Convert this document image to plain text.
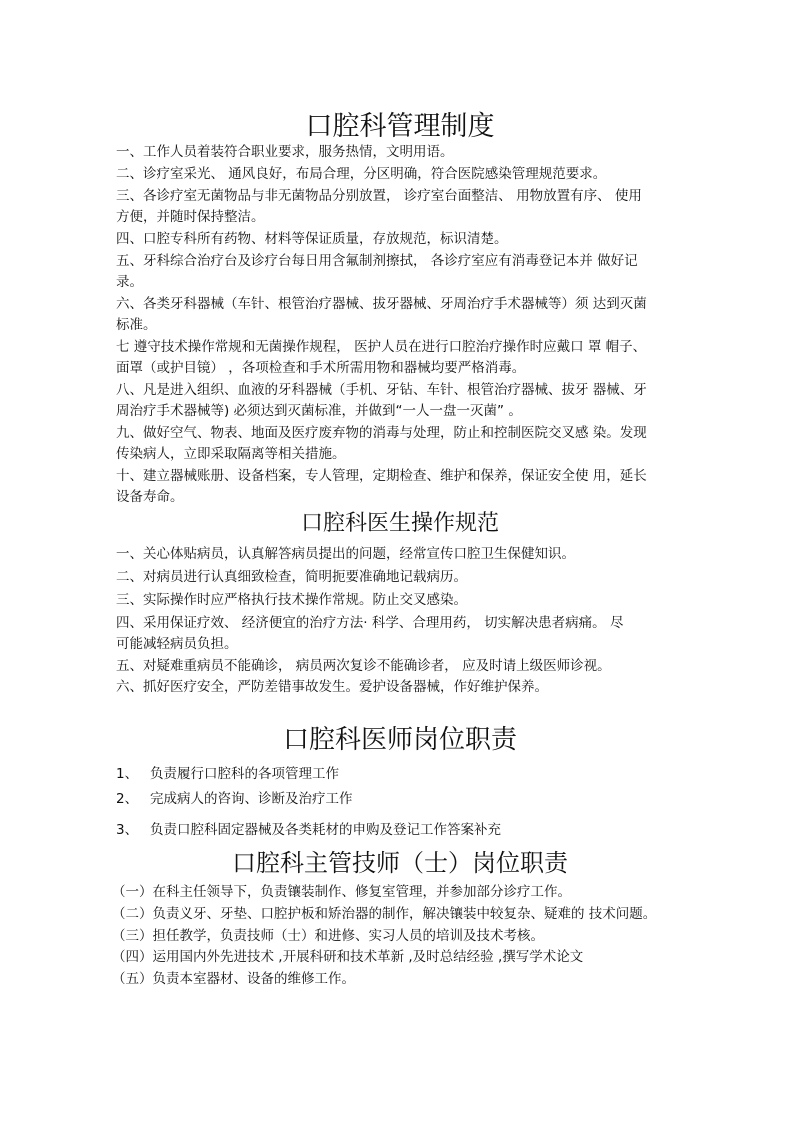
口腔科管理制度
一、工作人员着装符合职业要求，服务热情，文明用语。
二、诊疗室采光、 通风良好，布局合理，分区明确，符合医院感染管理规范要求。
三、各诊疗室无菌物品与非无菌物品分别放置， 诊疗室台面整洁、 用物放置有序、 使用
方便，并随时保持整洁。
四、口腔专科所有药物、材料等保证质量，存放规范，标识清楚。
五、牙科综合治疗台及诊疗台每日用含氟制剂擦拭， 各诊疗室应有消毒登记本并 做好记
录。
六、各类牙科器械（车针、根管治疗器械、拔牙器械、牙周治疗手术器械等）须 达到灭菌
标准。
七 遵守技术操作常规和无菌操作规程， 医护人员在进行口腔治疗操作时应戴口 罩 帽子、
面罩（或护目镜） ，各项检查和手术所需用物和器械均要严格消毒。
八、凡是进入组织、血液的牙科器械（手机、牙钻、车针、根管治疗器械、拔牙 器械、牙
周治疗手术器械等) 必须达到灭菌标准，并做到“一人一盘一灭菌” 。
九、做好空气、物表、地面及医疗废弃物的消毒与处理，防止和控制医院交叉感 染。发现
传染病人，立即采取隔离等相关措施。
十、建立器械账册、设备档案，专人管理，定期检查、维护和保养，保证安全使 用，延长
设备寿命。
口腔科医生操作规范
一、关心体贴病员，认真解答病员提出的问题，经常宣传口腔卫生保健知识。
二、对病员进行认真细致检查，简明扼要准确地记载病历。
三、实际操作时应严格执行技术操作常规。防止交叉感染。
四、采用保证疗效、 经济便宜的治疗方法· 科学、合理用药， 切实解决患者病痛。 尽
可能减轻病员负担。
五、对疑难重病员不能确诊， 病员两次复诊不能确诊者， 应及时请上级医师诊视。
六、抓好医疗安全，严防差错事故发生。爱护设备器械，作好维护保养。
口腔科医师岗位职责
1、 负责履行口腔科的各项管理工作
2、 完成病人的咨询、诊断及治疗工作
3、 负责口腔科固定器械及各类耗材的申购及登记工作答案补充
口腔科主管技师（士）岗位职责
（一）在科主任领导下，负责镶装制作、修复室管理，并参加部分诊疗工作。
（二）负责义牙、牙垫、口腔护板和矫治器的制作，解决镶装中较复杂、疑难的 技术问题。
（三）担任教学，负责技师（士）和进修、实习人员的培训及技术考核。
（四）运用国内外先进技术 ,开展科研和技术革新 ,及时总结经验 ,撰写学术论文
（五）负责本室器材、设备的维修工作。
